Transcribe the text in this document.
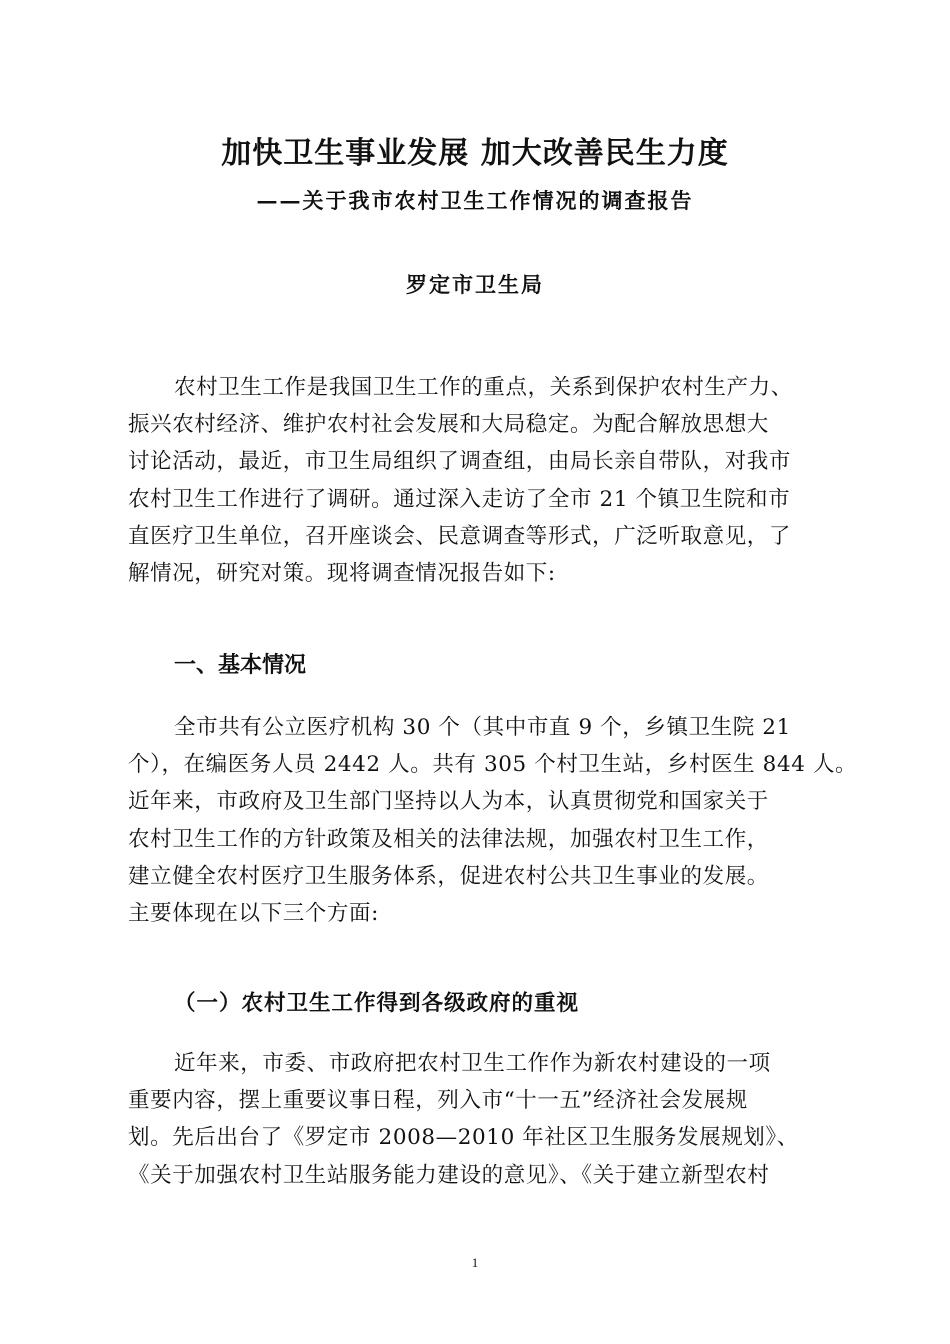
加快卫生事业发展 加大改善民生力度
——关于我市农村卫生工作情况的调查报告
罗定市卫生局
农村卫生工作是我国卫生工作的重点，关系到保护农村生产力、
振兴农村经济、维护农村社会发展和大局稳定。为配合解放思想大
讨论活动，最近，市卫生局组织了调查组，由局长亲自带队，对我市
农村卫生工作进行了调研。通过深入走访了全市 21 个镇卫生院和市
直医疗卫生单位，召开座谈会、民意调查等形式，广泛听取意见，了
解情况，研究对策。现将调查情况报告如下:
一、基本情况
全市共有公立医疗机构 30 个（其中市直 9 个，乡镇卫生院 21
个），在编医务人员 2442 人。共有 305 个村卫生站，乡村医生 844 人。
近年来，市政府及卫生部门坚持以人为本，认真贯彻党和国家关于
农村卫生工作的方针政策及相关的法律法规，加强农村卫生工作，
建立健全农村医疗卫生服务体系，促进农村公共卫生事业的发展。
主要体现在以下三个方面:
（一）农村卫生工作得到各级政府的重视
近年来，市委、市政府把农村卫生工作作为新农村建设的一项
重要内容，摆上重要议事日程，列入市“十一五”经济社会发展规
划。先后出台了《罗定市 2008—2010 年社区卫生服务发展规划》、
《关于加强农村卫生站服务能力建设的意见》、《关于建立新型农村
1
